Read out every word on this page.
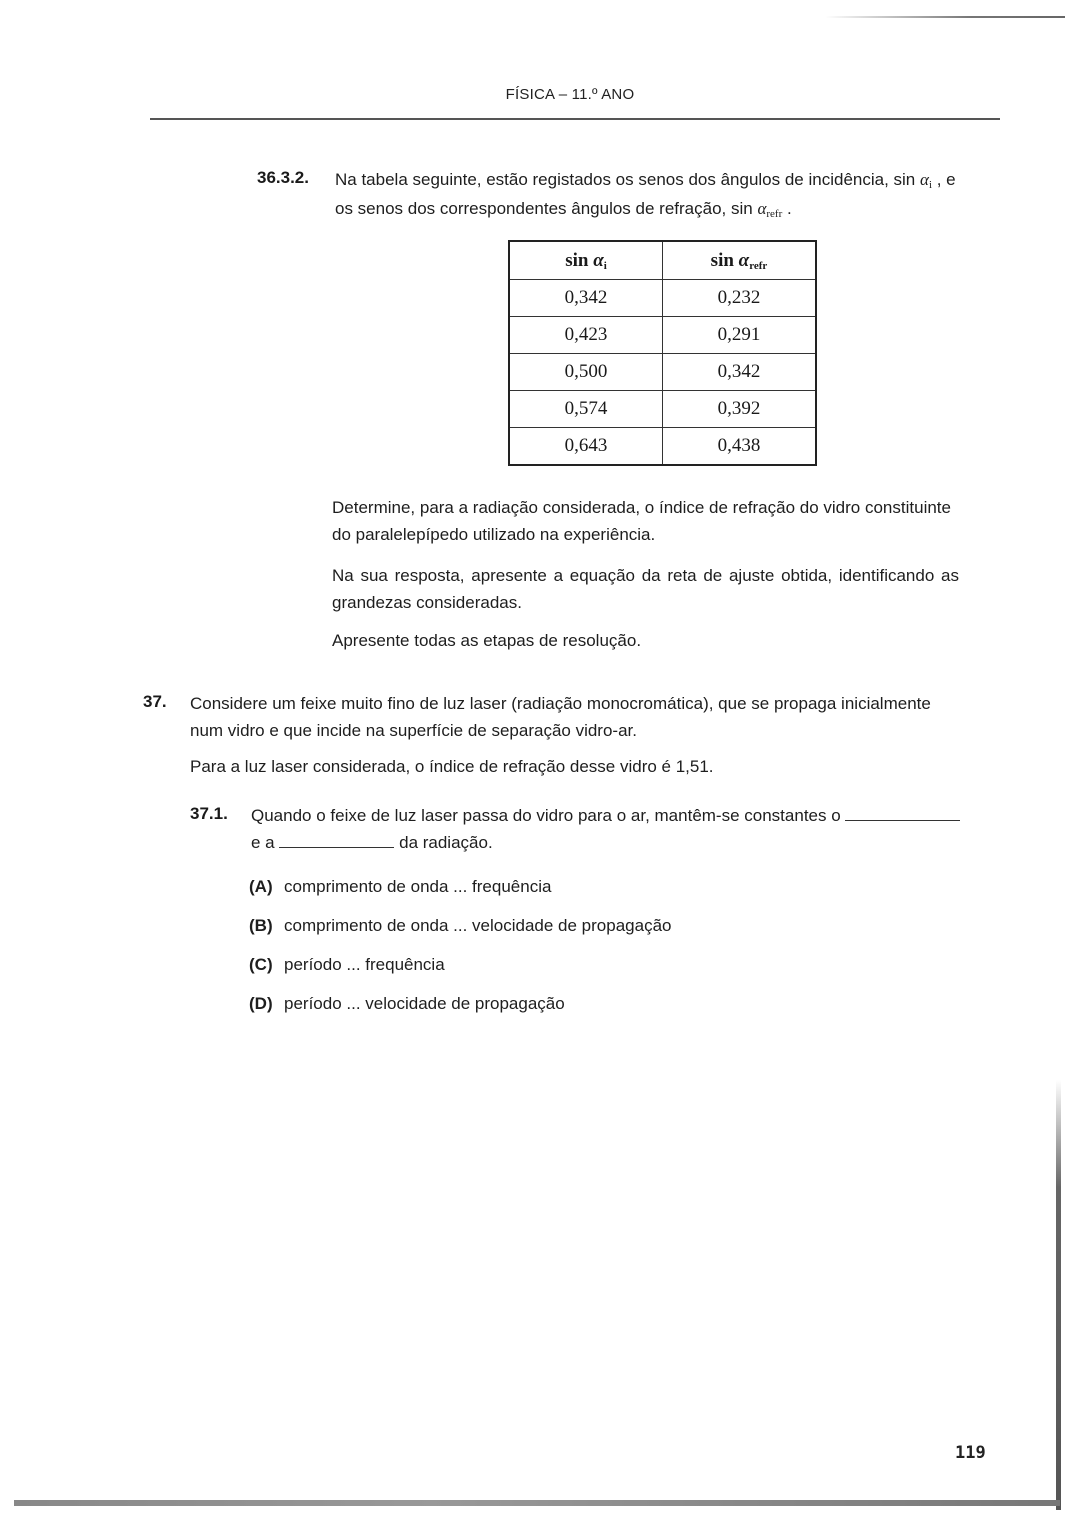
FÍSICA – 11.º ANO
36.3.2. Na tabela seguinte, estão registados os senos dos ângulos de incidência, $\sin \alpha_i$ , e
os senos dos correspondentes ângulos de refração, $\sin \alpha_{refr}$ .
$\sin \alpha_i$	$\sin \alpha_{refr}$
0,342	0,232
0,423	0,291
0,500	0,342
0,574	0,392
0,643	0,438
Determine, para a radiação considerada, o índice de refração do vidro constituinte
do paralelepípedo utilizado na experiência.
Na sua resposta, apresente a equação da reta de ajuste obtida, identificando as
grandezas consideradas.
Apresente todas as etapas de resolução.
37. Considere um feixe muito fino de luz laser (radiação monocromática), que se propaga inicialmente
num vidro e que incide na superfície de separação vidro-ar.
Para a luz laser considerada, o índice de refração desse vidro é 1,51.
37.1. Quando o feixe de luz laser passa do vidro para o ar, mantêm-se constantes o
e a	da radiação.
(A) comprimento de onda ... frequência
(B) comprimento de onda ... velocidade de propagação
(C) período ... frequência
(D) período ... velocidade de propagação
119
